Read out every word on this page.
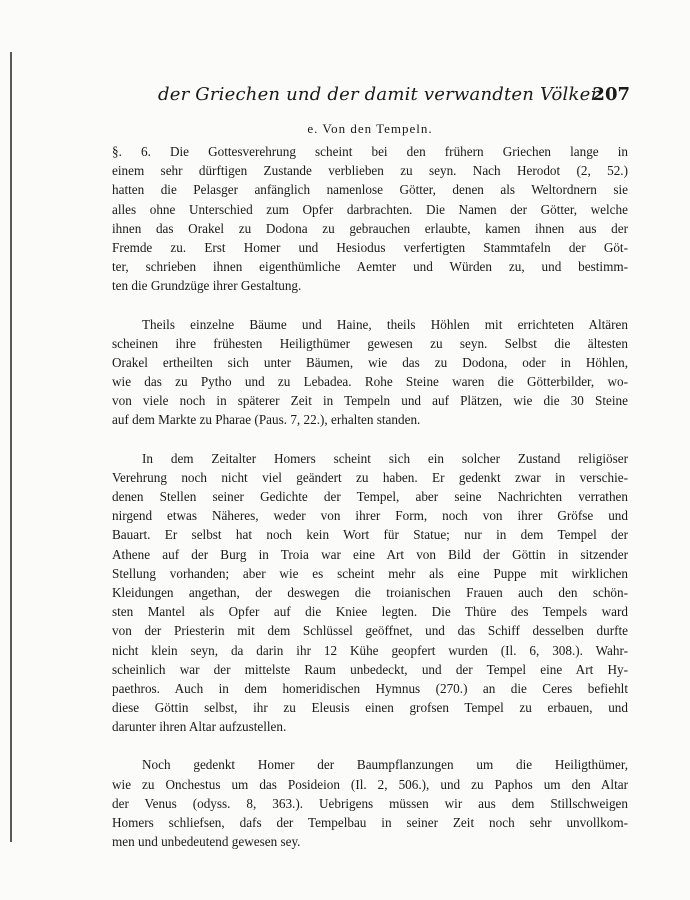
der Griechen und der damit verwandten Völker.
207
e. Von den Tempeln.
§. 6. Die Gottesverehrung scheint bei den frühern Griechen lange in
einem sehr dürftigen Zustande verblieben zu seyn. Nach Herodot (2, 52.)
hatten die Pelasger anfänglich namenlose Götter, denen als Weltordnern sie
alles ohne Unterschied zum Opfer darbrachten. Die Namen der Götter, welche
ihnen das Orakel zu Dodona zu gebrauchen erlaubte, kamen ihnen aus der
Fremde zu. Erst Homer und Hesiodus verfertigten Stammtafeln der Göt-
ter, schrieben ihnen eigenthümliche Aemter und Würden zu, und bestimm-
ten die Grundzüge ihrer Gestaltung.
Theils einzelne Bäume und Haine, theils Höhlen mit errichteten Altären
scheinen ihre frühesten Heiligthümer gewesen zu seyn. Selbst die ältesten
Orakel ertheilten sich unter Bäumen, wie das zu Dodona, oder in Höhlen,
wie das zu Pytho und zu Lebadea. Rohe Steine waren die Götterbilder, wo-
von viele noch in späterer Zeit in Tempeln und auf Plätzen, wie die 30 Steine
auf dem Markte zu Pharae (Paus. 7, 22.), erhalten standen.
In dem Zeitalter Homers scheint sich ein solcher Zustand religiöser
Verehrung noch nicht viel geändert zu haben. Er gedenkt zwar in verschie-
denen Stellen seiner Gedichte der Tempel, aber seine Nachrichten verrathen
nirgend etwas Näheres, weder von ihrer Form, noch von ihrer Gröfse und
Bauart. Er selbst hat noch kein Wort für Statue; nur in dem Tempel der
Athene auf der Burg in Troia war eine Art von Bild der Göttin in sitzender
Stellung vorhanden; aber wie es scheint mehr als eine Puppe mit wirklichen
Kleidungen angethan, der deswegen die troianischen Frauen auch den schön-
sten Mantel als Opfer auf die Kniee legten. Die Thüre des Tempels ward
von der Priesterin mit dem Schlüssel geöffnet, und das Schiff desselben durfte
nicht klein seyn, da darin ihr 12 Kühe geopfert wurden (Il. 6, 308.). Wahr-
scheinlich war der mittelste Raum unbedeckt, und der Tempel eine Art Hy-
paethros. Auch in dem homeridischen Hymnus (270.) an die Ceres befiehlt
diese Göttin selbst, ihr zu Eleusis einen grofsen Tempel zu erbauen, und
darunter ihren Altar aufzustellen.
Noch gedenkt Homer der Baumpflanzungen um die Heiligthümer,
wie zu Onchestus um das Posideion (Il. 2, 506.), und zu Paphos um den Altar
der Venus (odyss. 8, 363.). Uebrigens müssen wir aus dem Stillschweigen
Homers schliefsen, dafs der Tempelbau in seiner Zeit noch sehr unvollkom-
men und unbedeutend gewesen sey.
